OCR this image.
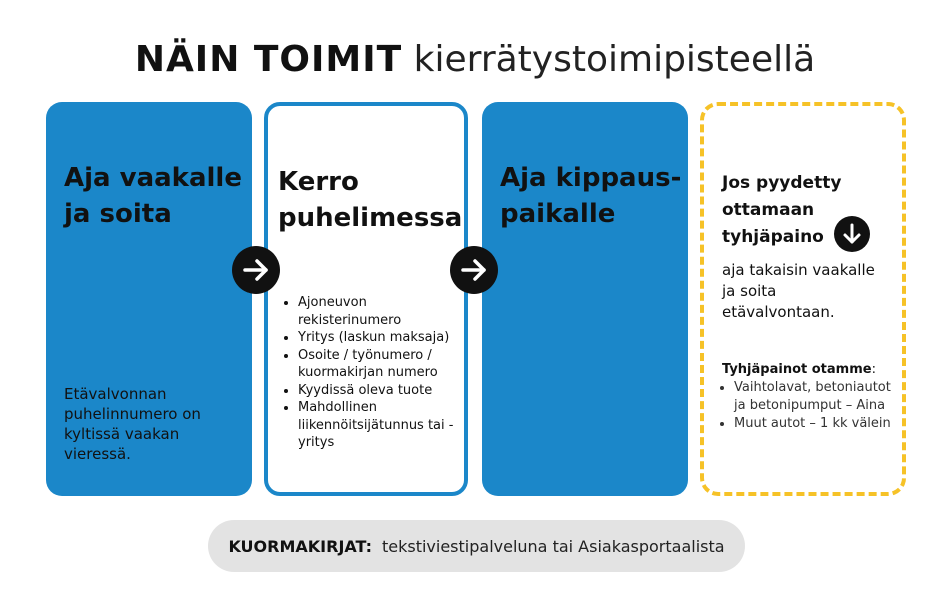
NÄIN TOIMIT kierrätystoimipisteellä

Aja vaakalle
ja soita

Etävalvonnan
puhelinnumero on
kyltissä vaakan
vieressä.

Kerro
puhelimessa

• Ajoneuvon rekisterinumero
• Yritys (laskun maksaja)
• Osoite / työnumero / kuormakirjan numero
• Kyydissä oleva tuote
• Mahdollinen liikennöitsijätunnus tai -yritys

Aja kippaus-
paikalle

Jos pyydetty
ottamaan
tyhjäpaino

aja takaisin vaakalle
ja soita
etävalvontaan.

Tyhjäpainot otamme:

• Vaihtolavat, betoniautot ja betonipumput – Aina
• Muut autot – 1 kk välein
KUORMAKIRJAT: tekstiviestipalveluna tai Asiakasportaalista
